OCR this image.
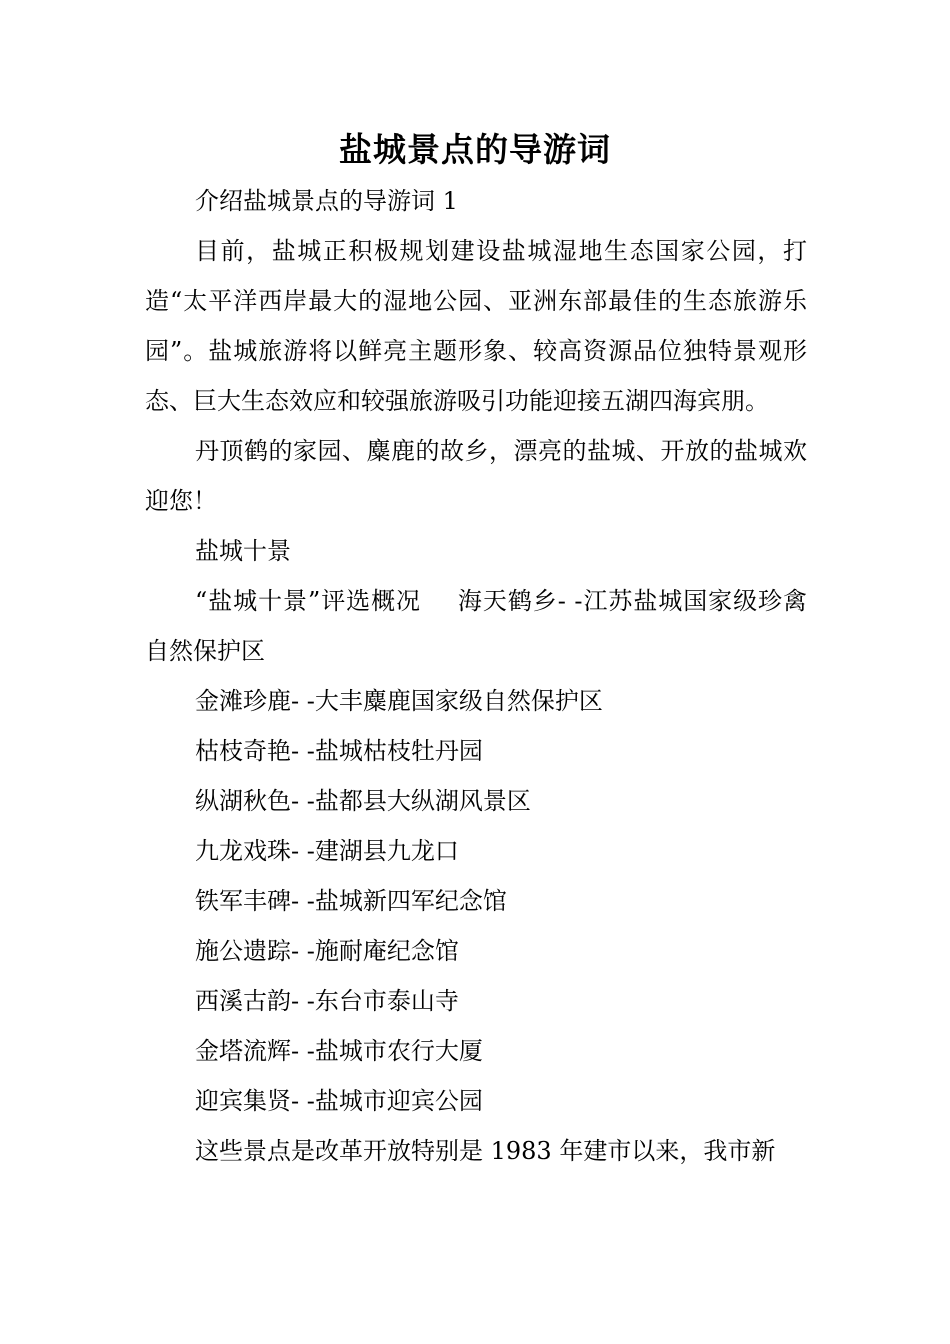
盐城景点的导游词

介绍盐城景点的导游词 1

目前，盐城正积极规划建设盐城湿地生态国家公园，打造“太平洋西岸最大的湿地公园、亚洲东部最佳的生态旅游乐园”。盐城旅游将以鲜亮主题形象、较高资源品位独特景观形态、巨大生态效应和较强旅游吸引功能迎接五湖四海宾朋。

丹顶鹤的家园、麋鹿的故乡，漂亮的盐城、开放的盐城欢迎您！

盐城十景

“盐城十景”评选概况 海天鹤乡- -江苏盐城国家级珍禽自然保护区

金滩珍鹿- -大丰麋鹿国家级自然保护区

枯枝奇艳- -盐城枯枝牡丹园

纵湖秋色- -盐都县大纵湖风景区

九龙戏珠- -建湖县九龙口

铁军丰碑- -盐城新四军纪念馆

施公遗踪- -施耐庵纪念馆

西溪古韵- -东台市泰山寺

金塔流辉- -盐城市农行大厦

迎宾集贤- -盐城市迎宾公园

这些景点是改革开放特别是 1983 年建市以来，我市新
